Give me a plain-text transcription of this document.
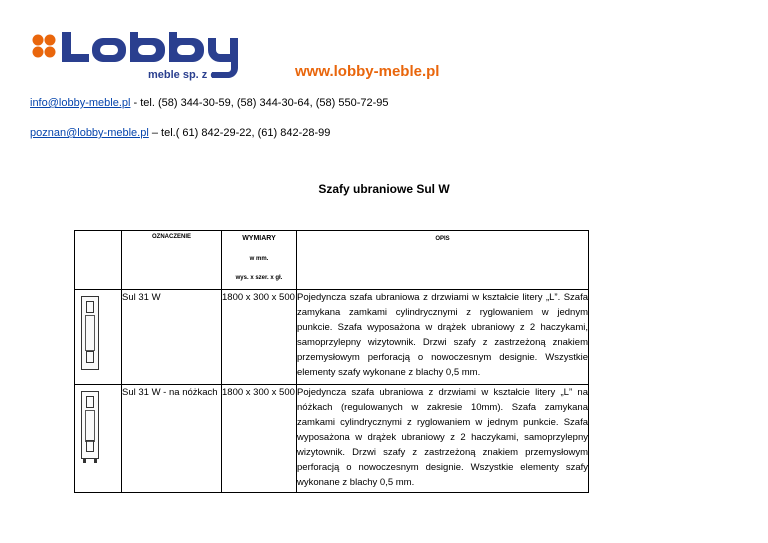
meble sp. z o.o.	www.lobby-meble.pl
info@lobby-meble.pl - tel. (58) 344-30-59, (58) 344-30-64, (58) 550-72-95
poznan@lobby-meble.pl – tel.( 61) 842-29-22, (61) 842-28-99
Szafy ubraniowe Sul W

	OZNACZENIE	WYMIARY
w mm.
wys. x szer. x gł.	OPIS

	Sul 31 W	1800 x 300 x 500	Pojedyncza szafa ubraniowa z drzwiami w kształcie litery „L”. Szafa zamykana zamkami cylindrycznymi z ryglowaniem w jednym punkcie. Szafa wyposażona w drążek ubraniowy z 2 haczykami, samoprzylepny wizytownik. Drzwi szafy z zastrzeżoną znakiem przemysłowym perforacją o nowoczesnym designie. Wszystkie elementy szafy wykonane z blachy 0,5 mm.

	Sul 31 W - na nóżkach	1800 x 300 x 500	Pojedyncza szafa ubraniowa z drzwiami w kształcie litery „L” na nóżkach (regulowanych w zakresie 10mm). Szafa zamykana zamkami cylindrycznymi z ryglowaniem w jednym punkcie. Szafa wyposażona w drążek ubraniowy z 2 haczykami, samoprzylepny wizytownik. Drzwi szafy z zastrzeżoną znakiem przemysłowym perforacją o nowoczesnym designie. Wszystkie elementy szafy wykonane z blachy 0,5 mm.
